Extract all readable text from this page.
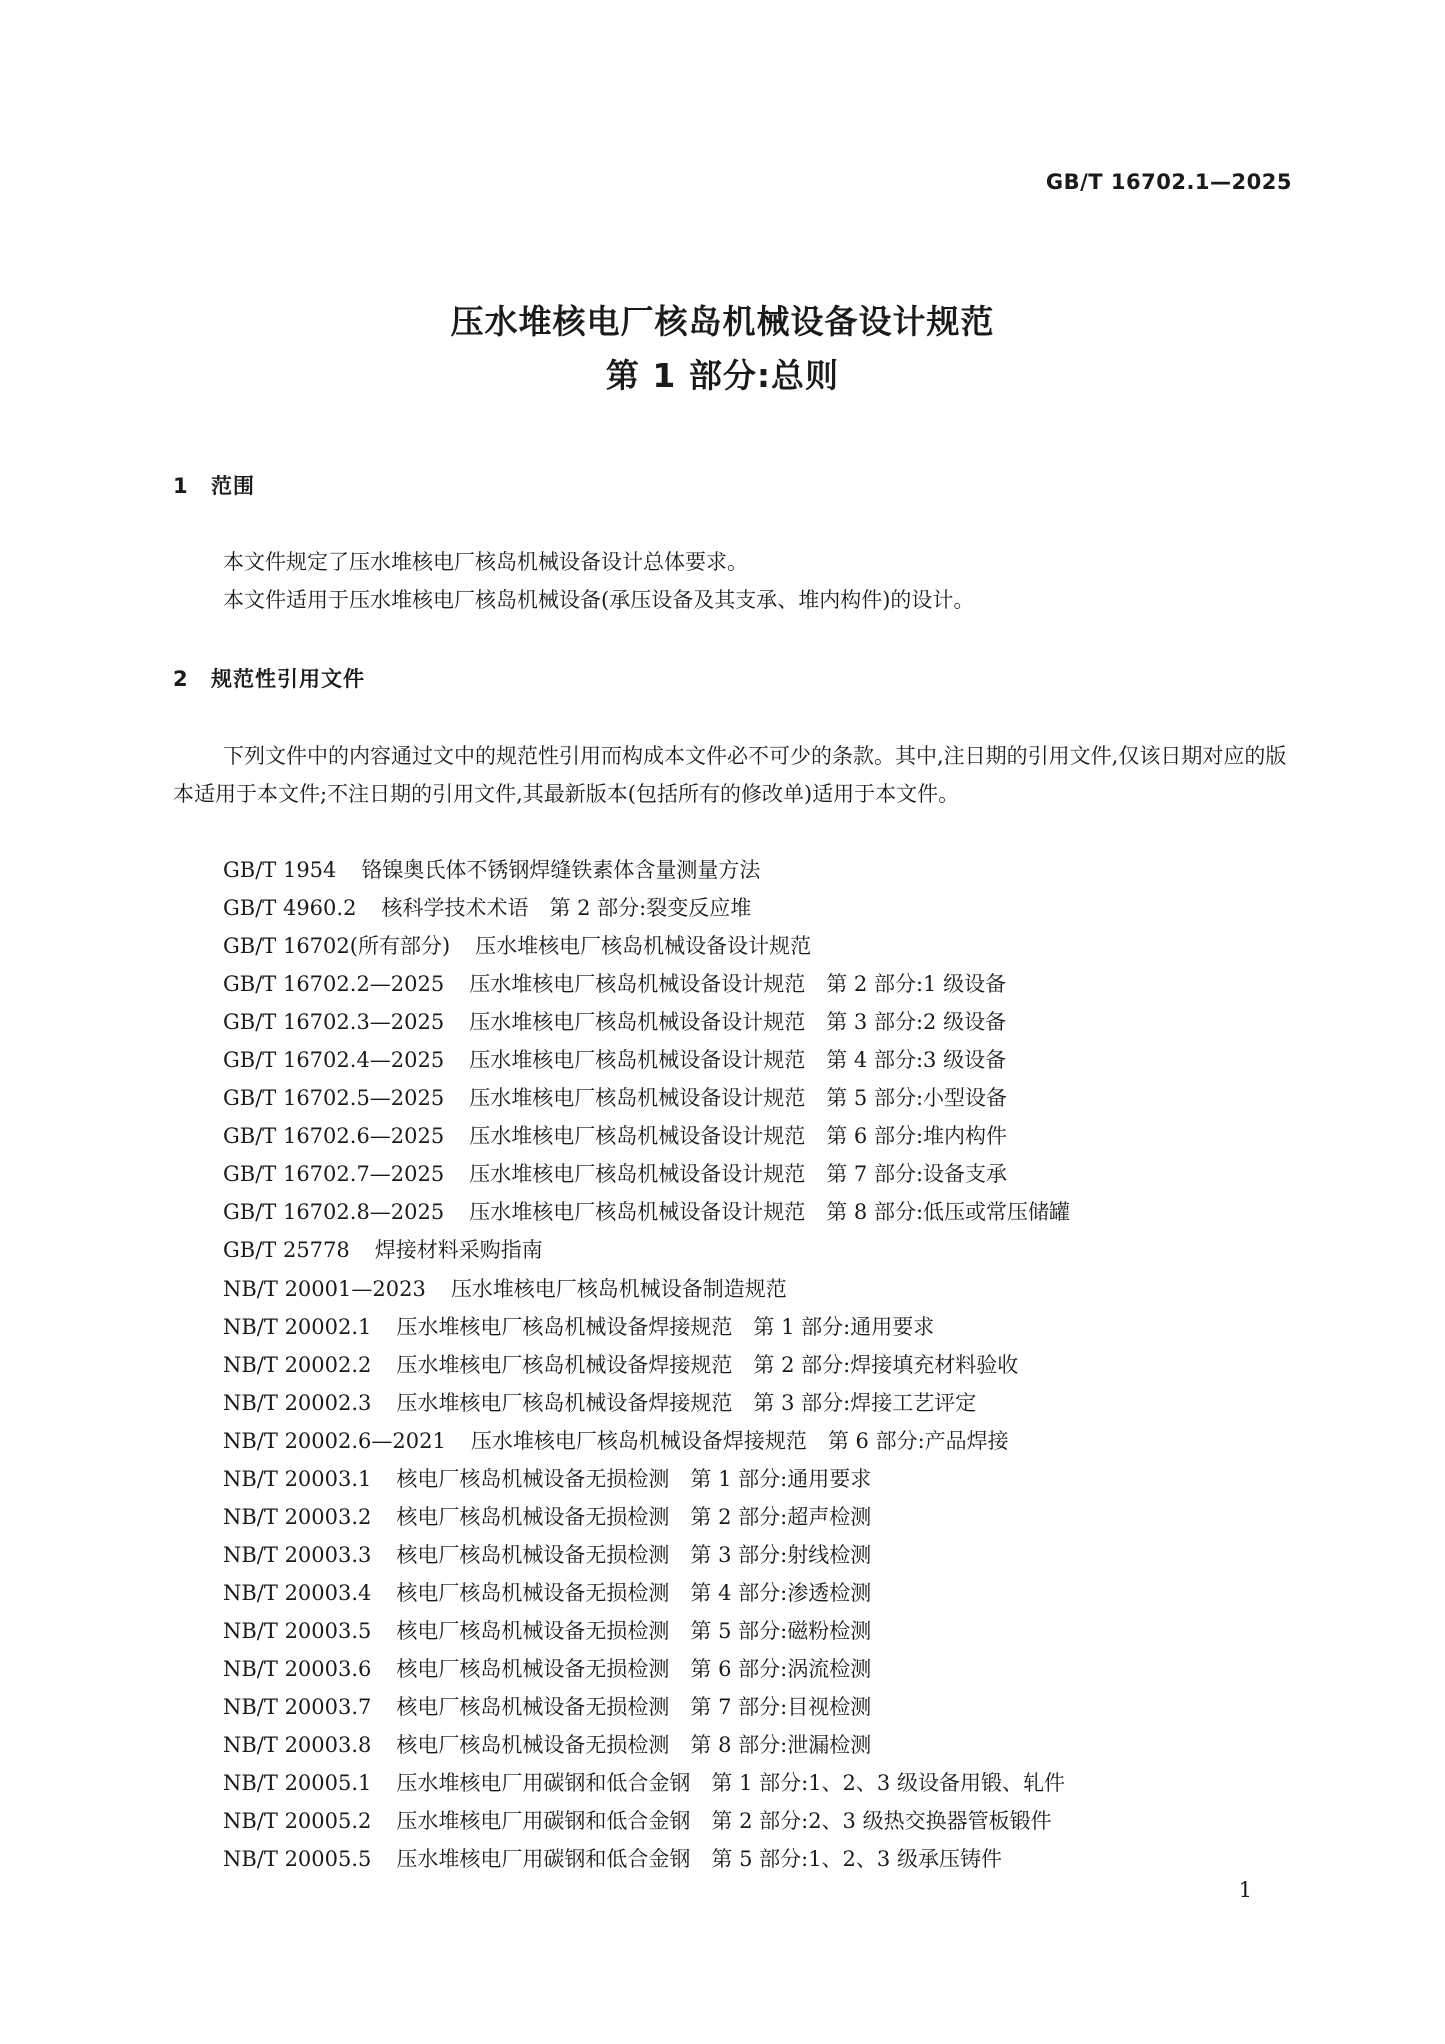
GB/T 16702.1—2025
压水堆核电厂核岛机械设备设计规范
第 1 部分:总则
1 范围
本文件规定了压水堆核电厂核岛机械设备设计总体要求。
本文件适用于压水堆核电厂核岛机械设备(承压设备及其支承、堆内构件)的设计。
2 规范性引用文件
下列文件中的内容通过文中的规范性引用而构成本文件必不可少的条款。其中,注日期的引用文件,仅该日期对应的版本适用于本文件;不注日期的引用文件,其最新版本(包括所有的修改单)适用于本文件。
GB/T 1954 铬镍奥氏体不锈钢焊缝铁素体含量测量方法
GB/T 4960.2 核科学技术术语　第 2 部分:裂变反应堆
GB/T 16702(所有部分) 压水堆核电厂核岛机械设备设计规范
GB/T 16702.2—2025 压水堆核电厂核岛机械设备设计规范　第 2 部分:1 级设备
GB/T 16702.3—2025 压水堆核电厂核岛机械设备设计规范　第 3 部分:2 级设备
GB/T 16702.4—2025 压水堆核电厂核岛机械设备设计规范　第 4 部分:3 级设备
GB/T 16702.5—2025 压水堆核电厂核岛机械设备设计规范　第 5 部分:小型设备
GB/T 16702.6—2025 压水堆核电厂核岛机械设备设计规范　第 6 部分:堆内构件
GB/T 16702.7—2025 压水堆核电厂核岛机械设备设计规范　第 7 部分:设备支承
GB/T 16702.8—2025 压水堆核电厂核岛机械设备设计规范　第 8 部分:低压或常压储罐
GB/T 25778 焊接材料采购指南
NB/T 20001—2023 压水堆核电厂核岛机械设备制造规范
NB/T 20002.1 压水堆核电厂核岛机械设备焊接规范　第 1 部分:通用要求
NB/T 20002.2 压水堆核电厂核岛机械设备焊接规范　第 2 部分:焊接填充材料验收
NB/T 20002.3 压水堆核电厂核岛机械设备焊接规范　第 3 部分:焊接工艺评定
NB/T 20002.6—2021 压水堆核电厂核岛机械设备焊接规范　第 6 部分:产品焊接
NB/T 20003.1 核电厂核岛机械设备无损检测　第 1 部分:通用要求
NB/T 20003.2 核电厂核岛机械设备无损检测　第 2 部分:超声检测
NB/T 20003.3 核电厂核岛机械设备无损检测　第 3 部分:射线检测
NB/T 20003.4 核电厂核岛机械设备无损检测　第 4 部分:渗透检测
NB/T 20003.5 核电厂核岛机械设备无损检测　第 5 部分:磁粉检测
NB/T 20003.6 核电厂核岛机械设备无损检测　第 6 部分:涡流检测
NB/T 20003.7 核电厂核岛机械设备无损检测　第 7 部分:目视检测
NB/T 20003.8 核电厂核岛机械设备无损检测　第 8 部分:泄漏检测
NB/T 20005.1 压水堆核电厂用碳钢和低合金钢　第 1 部分:1、2、3 级设备用锻、轧件
NB/T 20005.2 压水堆核电厂用碳钢和低合金钢　第 2 部分:2、3 级热交换器管板锻件
NB/T 20005.5 压水堆核电厂用碳钢和低合金钢　第 5 部分:1、2、3 级承压铸件
1
